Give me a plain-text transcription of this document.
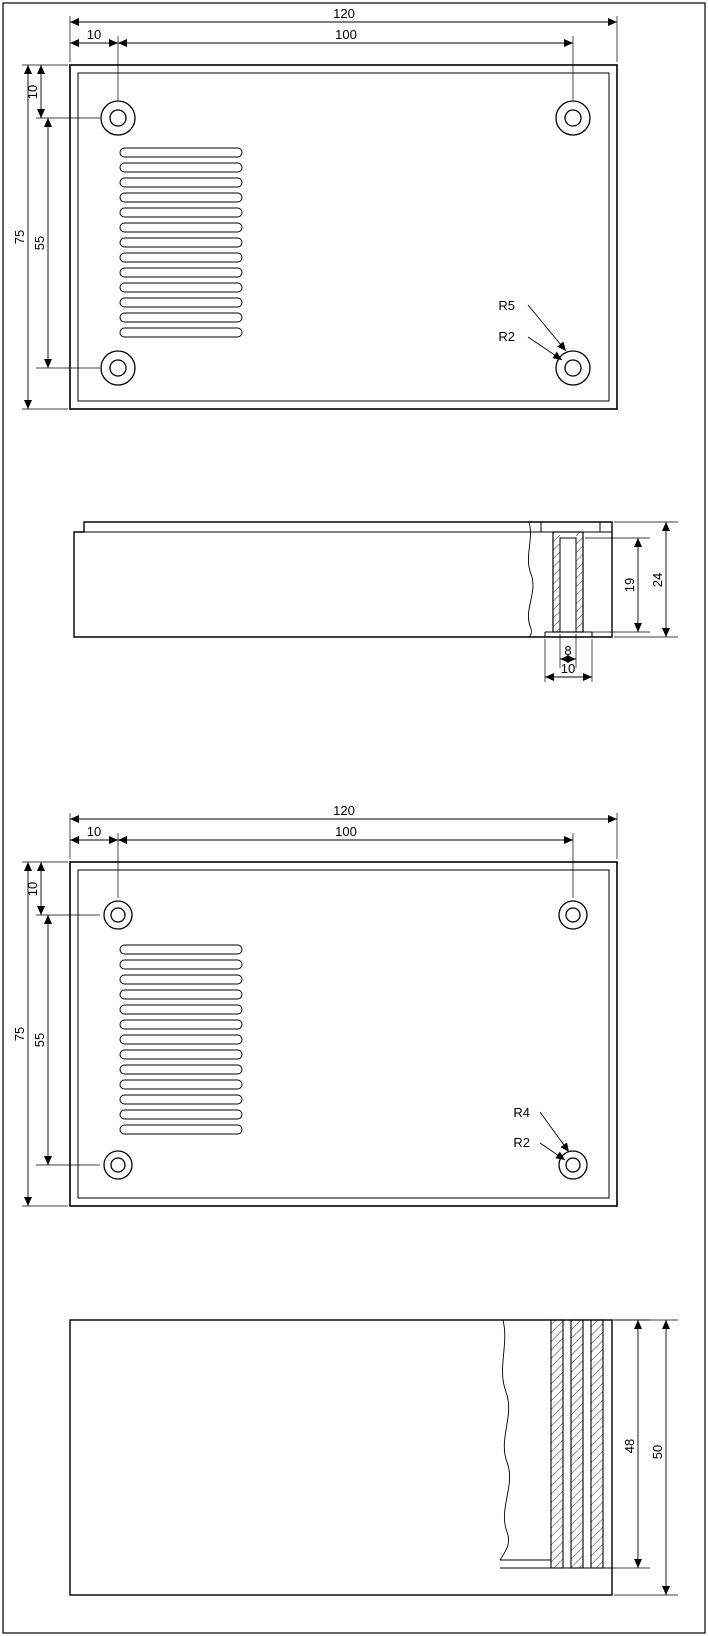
120
100
10
75 55
10
R5
R2
19 24
8
10
120
100
10
75 55
10
R4
R2
48 50
